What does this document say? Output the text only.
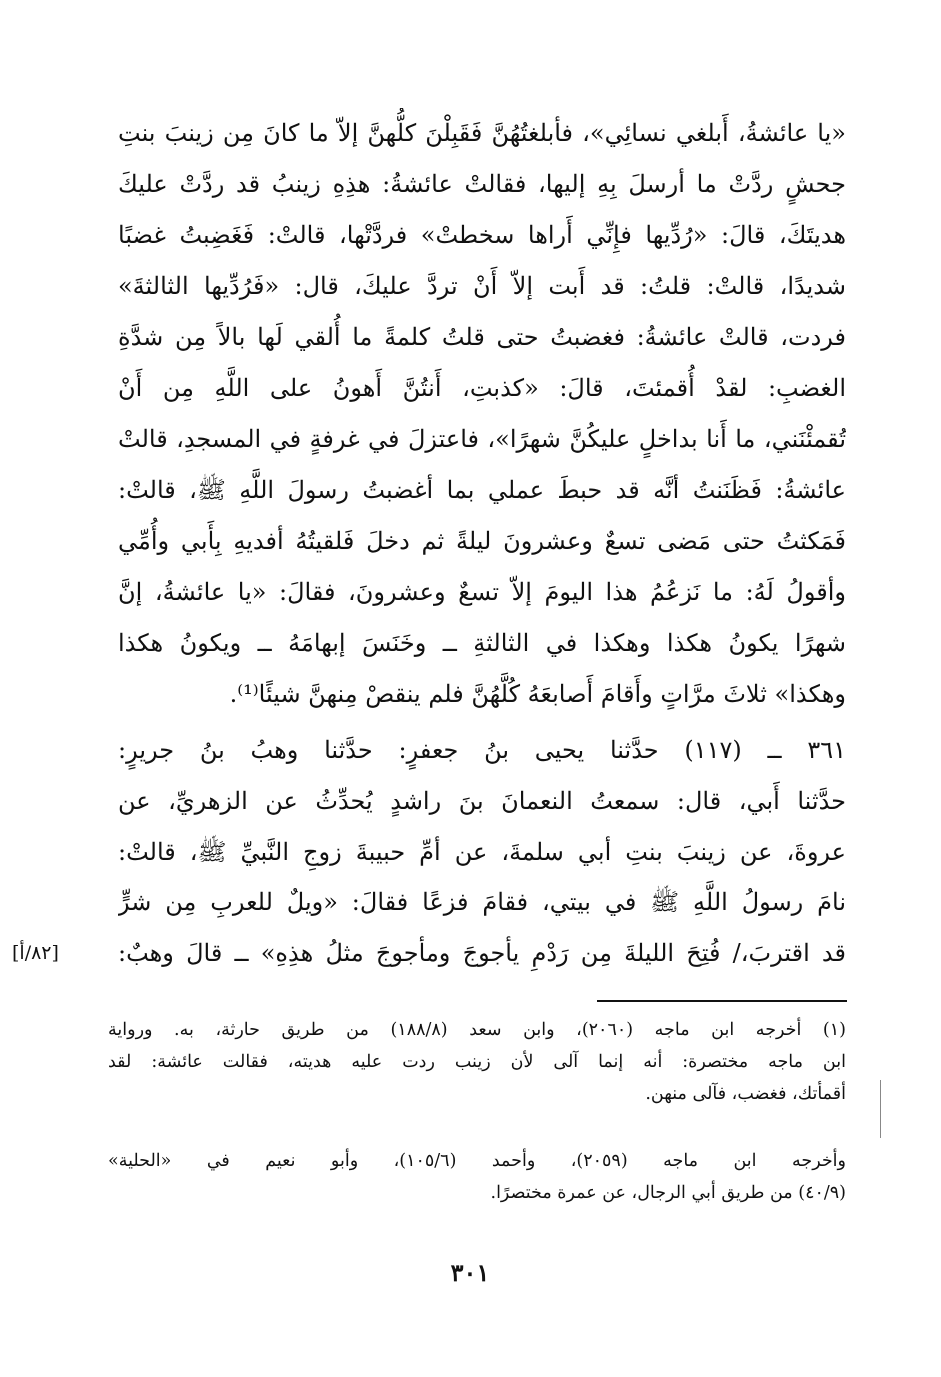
«يا عائشةُ، أَبلغي نسائِي»، فأبلغتُهُنَّ فَقَبِلْنَ كلُّهنَّ إلاّ ما كانَ مِن زينبَ بنتِ
جحشٍ ردَّتْ ما أرسلَ بِهِ إليها، فقالتْ عائشةُ: هذِهِ زينبُ قد ردَّتْ عليكَ
هديتَكَ، قالَ: «رُدِّيها فإِنِّي أَراها سخطتْ» فردَّتْها، قالتْ: فَغَضِبتُ غضبًا
شديدًا، قالتْ: قلتُ: قد أَبت إلاّ أَنْ تردَّ عليكَ، قال: «فَرُدِّيها الثالثةَ»
فردت، قالتْ عائشةُ: فغضبتُ حتى قلتُ كلمةً ما أُلقي لَها بالاً مِن شدَّةِ
الغضبِ: لقدْ أُقمئتَ، قالَ: «كذبتِ، أَنتُنَّ أَهونُ على اللَّهِ مِن أَنْ
تُقمئْنَني، ما أَنا بداخلٍ عليكُنَّ شهرًا»، فاعتزلَ في غرفةٍ في المسجدِ، قالتْ
عائشةُ: فَظَنَنتُ أنَّه قد حبطَ عملي بما أغضبتُ رسولَ اللَّهِ ﷺ، قالتْ:
فَمَكثتُ حتى مَضى تسعٌ وعشرونَ ليلةً ثم دخلَ فَلقيتُهُ أفديهِ بِأَبي وأُمِّي
وأقولُ لَهُ: ما نَزعُمُ هذا اليومَ إلاّ تسعٌ وعشرونَ، فقالَ: «يا عائشةُ، إنَّ
شهرًا يكونُ هكذا وهكذا في الثالثةِ ــ وخَنَسَ إبهامَهُ ــ ويكونُ هكذا
وهكذا» ثلاثَ مرَّاتٍ وأَقامَ أَصابعَهُ كُلَّهُنَّ فلم ينقصْ مِنهنَّ شيئًا⁽¹⁾.
٣٦١ ــ (١١٧) حدَّثنا يحيى بنُ جعفرٍ: حدَّثنا وهبُ بنُ جريرٍ:
حدَّثنا أَبي، قال: سمعتُ النعمانَ بنَ راشدٍ يُحدِّثُ عن الزهريِّ، عن
عروةَ، عن زينبَ بنتِ أبي سلمةَ، عن أمِّ حبيبةَ زوجِ النَّبيِّ ﷺ، قالتْ:
نامَ رسولُ اللَّهِ ﷺ في بيتي، فقامَ فزعًا فقالَ: «ويلٌ للعربِ مِن شرٍّ
قد اقتربَ،/ فُتِحَ الليلةَ مِن رَدْمِ يأجوجَ ومأجوجَ مثلُ هذِهِ» ــ قالَ وهبٌ:
[٨٢/أ]
(١) أخرجه ابن ماجه (٢٠٦٠)، وابن سعد (١٨٨/٨) من طريق حارثة، به. ورواية
ابن ماجه مختصرة: أنه إنما آلى لأن زينب ردت عليه هديته، فقالت عائشة: لقد
أقمأتك، فغضب، فآلى منهن.
وأخرجه ابن ماجه (٢٠٥٩)، وأحمد (١٠٥/٦)، وأبو نعيم في «الحلية»
(٤٠/٩) من طريق أبي الرجال، عن عمرة مختصرًا.
٣٠١
